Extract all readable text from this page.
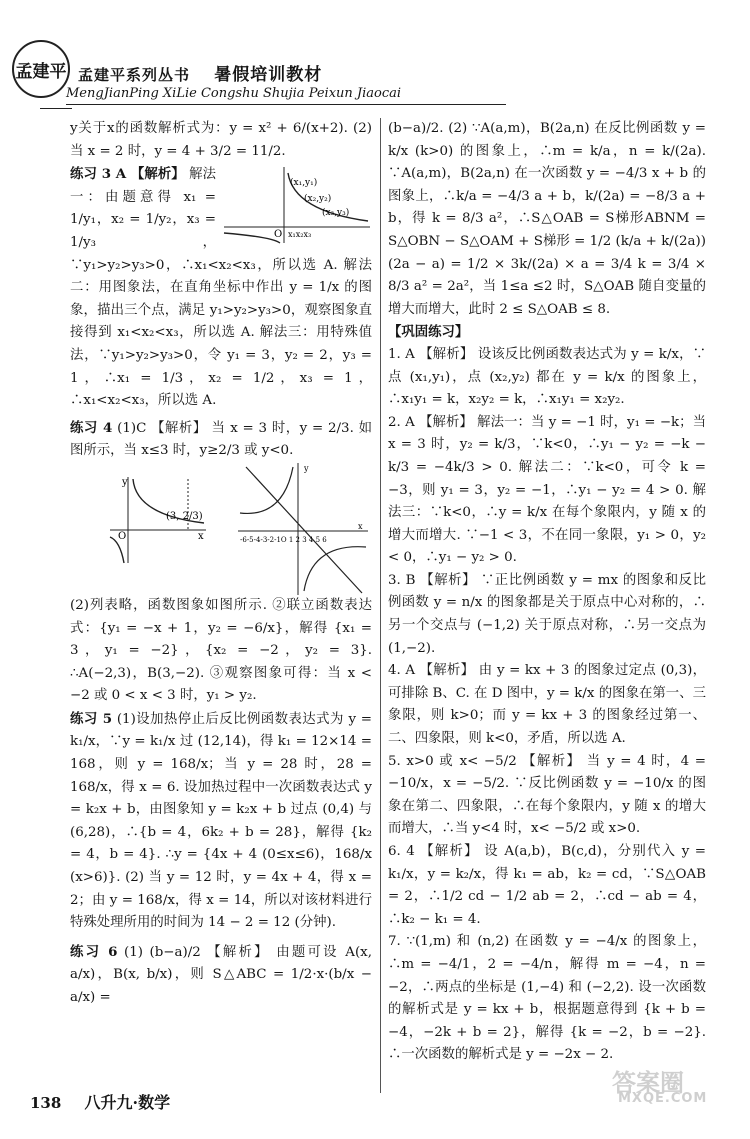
孟建平 孟建平系列丛书 暑假培训教材
MengJianPing XiLie Congshu Shujia Peixun Jiaocai

y关于x的函数解析式为：y = x² + 6/(x+2). (2) 当 x = 2 时，y = 4 + 3/2 = 11/2.

O
(x₁,y₁)
(x₂,y₂)
(x₃,y₃)
x₁x₂x₃

练习 3 A 【解析】 解法一：由题意得 x₁ = 1/y₁，x₂ = 1/y₂，x₃ = 1/y₃，∵y₁>y₂>y₃>0，∴x₁<x₂<x₃，所以选 A. 解法二：用图象法，在直角坐标中作出 y = 1/x 的图象，描出三个点，满足 y₁>y₂>y₃>0，观察图象直接得到 x₁<x₂<x₃，所以选 A. 解法三：用特殊值法，∵y₁>y₂>y₃>0，令 y₁ = 3，y₂ = 2，y₃ = 1，∴x₁ = 1/3，x₂ = 1/2，x₃ = 1，∴x₁<x₂<x₃，所以选 A.

练习 4 (1)C 【解析】 当 x = 3 时，y = 2/3. 如图所示，当 x≤3 时，y≥2/3 或 y<0.

O
y
x
(3, 2/3)
-6-5-4-3-2-1O 1 2 3 4 5 6
y
x

(2)列表略，函数图象如图所示. ②联立函数表达式：{y₁ = −x + 1，y₂ = −6/x}，解得 {x₁ = 3，y₁ = −2}，{x₂ = −2，y₂ = 3}. ∴A(−2,3)，B(3,−2). ③观察图象可得：当 x < −2 或 0 < x < 3 时，y₁ > y₂.

练习 5 (1)设加热停止后反比例函数表达式为 y = k₁/x，∵y = k₁/x 过 (12,14)，得 k₁ = 12×14 = 168，则 y = 168/x；当 y = 28 时，28 = 168/x，得 x = 6. 设加热过程中一次函数表达式 y = k₂x + b，由图象知 y = k₂x + b 过点 (0,4) 与 (6,28)，∴{b = 4，6k₂ + b = 28}，解得 {k₂ = 4，b = 4}. ∴y = {4x + 4 (0≤x≤6)，168/x (x>6)}. (2) 当 y = 12 时，y = 4x + 4，得 x = 2；由 y = 168/x，得 x = 14，所以对该材料进行特殊处理所用的时间为 14 − 2 = 12 (分钟).

练习 6 (1) (b−a)/2 【解析】 由题可设 A(x, a/x)，B(x, b/x)，则 S△ABC = 1/2·x·(b/x − a/x) =

(b−a)/2. (2) ∵A(a,m)，B(2a,n) 在反比例函数 y = k/x (k>0) 的图象上，∴m = k/a，n = k/(2a). ∵A(a,m)，B(2a,n) 在一次函数 y = −4/3 x + b 的图象上，∴k/a = −4/3 a + b，k/(2a) = −8/3 a + b，得 k = 8/3 a²，∴S△OAB = S梯形ABNM = S△OBN − S△OAM + S梯形 = 1/2 (k/a + k/(2a))(2a − a) = 1/2 × 3k/(2a) × a = 3/4 k = 3/4 × 8/3 a² = 2a²，当 1≤a ≤2 时，S△OAB 随自变量的增大而增大，此时 2 ≤ S△OAB ≤ 8.

【巩固练习】

1. A 【解析】 设该反比例函数表达式为 y = k/x，∵点 (x₁,y₁)，点 (x₂,y₂) 都在 y = k/x 的图象上，∴x₁y₁ = k，x₂y₂ = k，∴x₁y₁ = x₂y₂.

2. A 【解析】 解法一：当 y = −1 时，y₁ = −k；当 x = 3 时，y₂ = k/3，∵k<0，∴y₁ − y₂ = −k − k/3 = −4k/3 > 0. 解法二：∵k<0，可令 k = −3，则 y₁ = 3，y₂ = −1，∴y₁ − y₂ = 4 > 0. 解法三：∵k<0，∴y = k/x 在每个象限内，y 随 x 的增大而增大. ∵−1 < 3，不在同一象限，y₁ > 0，y₂ < 0，∴y₁ − y₂ > 0.

3. B 【解析】 ∵正比例函数 y = mx 的图象和反比例函数 y = n/x 的图象都是关于原点中心对称的，∴另一个交点与 (−1,2) 关于原点对称，∴另一交点为 (1,−2).

4. A 【解析】 由 y = kx + 3 的图象过定点 (0,3)，可排除 B、C. 在 D 图中，y = k/x 的图象在第一、三象限，则 k>0；而 y = kx + 3 的图象经过第一、二、四象限，则 k<0，矛盾，所以选 A.

5. x>0 或 x< −5/2 【解析】 当 y = 4 时，4 = −10/x，x = −5/2. ∵反比例函数 y = −10/x 的图象在第二、四象限，∴在每个象限内，y 随 x 的增大而增大，∴当 y<4 时，x< −5/2 或 x>0.

6. 4 【解析】 设 A(a,b)，B(c,d)，分别代入 y = k₁/x，y = k₂/x，得 k₁ = ab，k₂ = cd，∵S△OAB = 2，∴1/2 cd − 1/2 ab = 2，∴cd − ab = 4，∴k₂ − k₁ = 4.

7. ∵(1,m) 和 (n,2) 在函数 y = −4/x 的图象上，∴m = −4/1，2 = −4/n，解得 m = −4，n = −2，∴两点的坐标是 (1,−4) 和 (−2,2). 设一次函数的解析式是 y = kx + b，根据题意得到 {k + b = −4，−2k + b = 2}，解得 {k = −2，b = −2}. ∴一次函数的解析式是 y = −2x − 2.

138 八升九·数学
答案圈
MXQE.COM
